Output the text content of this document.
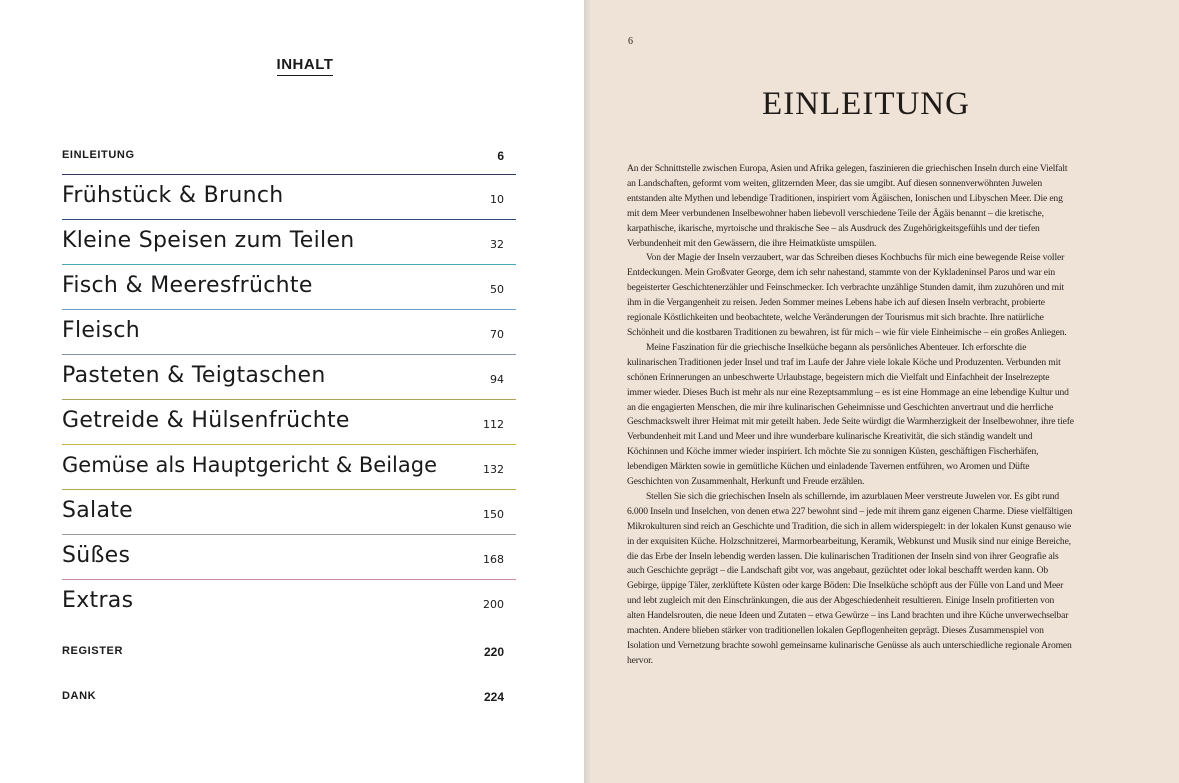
INHALT
EINLEITUNG	6
Frühstück & Brunch	10
Kleine Speisen zum Teilen	32
Fisch & Meeresfrüchte	50
Fleisch	70
Pasteten & Teigtaschen	94
Getreide & Hülsenfrüchte	112
Gemüse als Hauptgericht & Beilage	132
Salate	150
Süßes	168
Extras	200
REGISTER	220
DANK	224
6
EINLEITUNG

An der Schnittstelle zwischen Europa, Asien und Afrika gelegen, faszinieren die griechischen Inseln durch eine Vielfalt an Landschaften, geformt vom weiten, glitzernden Meer, das sie umgibt. Auf diesen sonnenverwöhnten Juwelen entstanden alte Mythen und lebendige Traditionen, inspiriert vom Ägäischen, Ionischen und Libyschen Meer. Die eng mit dem Meer verbundenen Inselbewohner haben liebevoll verschiedene Teile der Ägäis benannt – die kretische, karpathische, ikarische, myrtoische und thrakische See – als Ausdruck des Zugehörigkeitsgefühls und der tiefen Verbundenheit mit den Gewässern, die ihre Heimatküste umspülen.

Von der Magie der Inseln verzaubert, war das Schreiben dieses Kochbuchs für mich eine bewegende Reise voller Entdeckungen. Mein Großvater George, dem ich sehr nahestand, stammte von der Kykladeninsel Paros und war ein begeisterter Geschichtenerzähler und Feinschmecker. Ich verbrachte unzählige Stunden damit, ihm zuzuhören und mit ihm in die Vergangenheit zu reisen. Jeden Sommer meines Lebens habe ich auf diesen Inseln verbracht, probierte regionale Köstlichkeiten und beobachtete, welche Veränderungen der Tourismus mit sich brachte. Ihre natürliche Schönheit und die kostbaren Traditionen zu bewahren, ist für mich – wie für viele Einheimische – ein großes Anliegen.

Meine Faszination für die griechische Inselküche begann als persönliches Abenteuer. Ich erforschte die kulinarischen Traditionen jeder Insel und traf im Laufe der Jahre viele lokale Köche und Produzenten. Verbunden mit schönen Erinnerungen an unbeschwerte Urlaubstage, begeistern mich die Vielfalt und Einfachheit der Inselrezepte immer wieder. Dieses Buch ist mehr als nur eine Rezeptsammlung – es ist eine Hommage an eine lebendige Kultur und an die engagierten Menschen, die mir ihre kulinarischen Geheimnisse und Geschichten anvertraut und die herrliche Geschmackswelt ihrer Heimat mit mir geteilt haben. Jede Seite würdigt die Warmherzigkeit der Inselbewohner, ihre tiefe Verbundenheit mit Land und Meer und ihre wunderbare kulinarische Kreativität, die sich ständig wandelt und Köchinnen und Köche immer wieder inspiriert. Ich möchte Sie zu sonnigen Küsten, geschäftigen Fischerhäfen, lebendigen Märkten sowie in gemütliche Küchen und einladende Tavernen entführen, wo Aromen und Düfte Geschichten von Zusammenhalt, Herkunft und Freude erzählen.

Stellen Sie sich die griechischen Inseln als schillernde, im azurblauen Meer verstreute Juwelen vor. Es gibt rund 6.000 Inseln und Inselchen, von denen etwa 227 bewohnt sind – jede mit ihrem ganz eigenen Charme. Diese vielfältigen Mikrokulturen sind reich an Geschichte und Tradition, die sich in allem widerspiegelt: in der lokalen Kunst genauso wie in der exquisiten Küche. Holzschnitzerei, Marmorbearbeitung, Keramik, Webkunst und Musik sind nur einige Bereiche, die das Erbe der Inseln lebendig werden lassen. Die kulinarischen Traditionen der Inseln sind von ihrer Geografie als auch Geschichte geprägt – die Landschaft gibt vor, was angebaut, gezüchtet oder lokal beschafft werden kann. Ob Gebirge, üppige Täler, zerklüftete Küsten oder karge Böden: Die Inselküche schöpft aus der Fülle von Land und Meer und lebt zugleich mit den Einschränkungen, die aus der Abgeschiedenheit resultieren. Einige Inseln profitierten von alten Handelsrouten, die neue Ideen und Zutaten – etwa Gewürze – ins Land brachten und ihre Küche unverwechselbar machten. Andere blieben stärker von traditionellen lokalen Gepflogenheiten geprägt. Dieses Zusammenspiel von Isolation und Vernetzung brachte sowohl gemeinsame kulinarische Genüsse als auch unterschiedliche regionale Aromen hervor.
